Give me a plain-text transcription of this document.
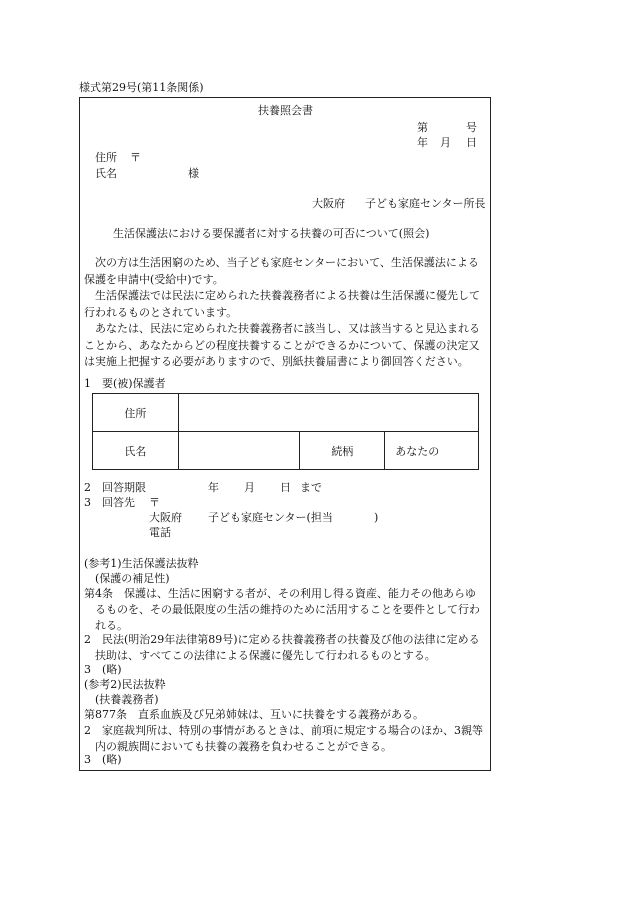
様式第29号(第11条関係)
扶養照会書
第	号
年 月 日
住所 〒
氏名	様
大阪府 子ども家庭センター所長
生活保護法における要保護者に対する扶養の可否について(照会)
次の方は生活困窮のため、当子ども家庭センターにおいて、生活保護法による保護を申請中(受給中)です。
生活保護法では民法に定められた扶養義務者による扶養は生活保護に優先して行われるものとされています。
あなたは、民法に定められた扶養義務者に該当し、又は該当すると見込まれることから、あなたからどの程度扶養することができるかについて、保護の決定又は実施上把握する必要がありますので、別紙扶養届書により御回答ください。
1　要(被)保護者
住所			
氏名		続柄	あなたの
2　回答期限	年 月 日 まで
3　回答先 〒
大阪府 子ども家庭センター(担当	)
電話
(参考1)生活保護法抜粋
(保護の補足性)
第4条　保護は、生活に困窮する者が、その利用し得る資産、能力その他あらゆるものを、その最低限度の生活の維持のために活用することを要件として行われる。
2　民法(明治29年法律第89号)に定める扶養義務者の扶養及び他の法律に定める扶助は、すべてこの法律による保護に優先して行われるものとする。
3　(略)
(参考2)民法抜粋
(扶養義務者)
第877条　直系血族及び兄弟姉妹は、互いに扶養をする義務がある。
2　家庭裁判所は、特別の事情があるときは、前項に規定する場合のほか、3親等内の親族間においても扶養の義務を負わせることができる。
3　(略)
